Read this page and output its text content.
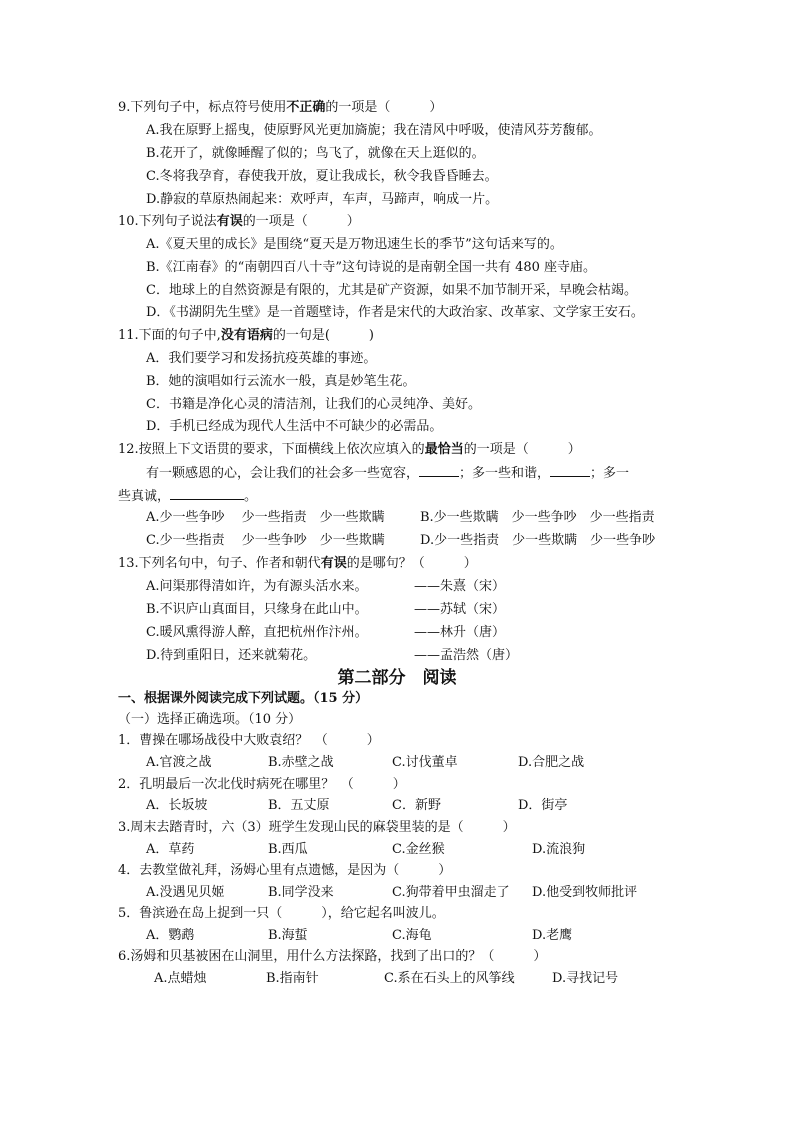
9.下列句子中，标点符号使用不正确的一项是（　　　）
A.我在原野上摇曳，使原野风光更加旖旎；我在清风中呼吸，使清风芬芳馥郁。
B.花开了，就像睡醒了似的；鸟飞了，就像在天上逛似的。
C.冬将我孕育，春使我开放，夏让我成长，秋令我昏昏睡去。
D.静寂的草原热闹起来：欢呼声，车声，马蹄声，响成一片。
10.下列句子说法有误的一项是（　　　）
A.《夏天里的成长》是围绕“夏天是万物迅速生长的季节”这句话来写的。
B.《江南春》的“南朝四百八十寺”这句诗说的是南朝全国一共有 480 座寺庙。
C．地球上的自然资源是有限的，尤其是矿产资源，如果不加节制开采，早晚会枯竭。
D．《书湖阴先生壁》是一首题壁诗，作者是宋代的大政治家、改革家、文学家王安石。
11.下面的句子中,没有语病的一句是(　　　)
A．我们要学习和发扬抗疫英雄的事迹。
B．她的演唱如行云流水一般，真是妙笔生花。
C．书籍是净化心灵的清洁剂，让我们的心灵纯净、美好。
D．手机已经成为现代人生活中不可缺少的必需品。
12.按照上下文语贯的要求，下面横线上依次应填入的最恰当的一项是（　　　）
有一颗感恩的心，会让我们的社会多一些宽容，	；多一些和谐，	；多一
些真诚，	。
A.少一些争吵　 少一些指责　少一些欺瞒	B.少一些欺瞒　少一些争吵　少一些指责
C.少一些指责　 少一些争吵　少一些欺瞒	D.少一些指责　少一些欺瞒　少一些争吵
13.下列名句中，句子、作者和朝代有误的是哪句？（　　　）
A.问渠那得清如许，为有源头活水来。	——朱熹（宋）
B.不识庐山真面目，只缘身在此山中。	——苏轼（宋）
C.暖风熏得游人醉，直把杭州作汴州。	——林升（唐）
D.待到重阳日，还来就菊花。	——孟浩然（唐）
第二部分　阅读
一、根据课外阅读完成下列试题。（15 分）
（一）选择正确选项。（10 分）
1．曹操在哪场战役中大败袁绍？　（　　　）
A.官渡之战	B.赤壁之战	C.讨伐董卓	D.合肥之战
2．孔明最后一次北伐时病死在哪里？　（　　　）
A．长坂坡	B．五丈原	C．新野	D．街亭
3.周末去踏青时，六（3）班学生发现山民的麻袋里装的是（　　　）
A．草药	B.西瓜	C.金丝猴	D.流浪狗
4．去教堂做礼拜，汤姆心里有点遗憾，是因为（　　　）
A.没遇见贝姬	B.同学没来	C.狗带着甲虫溜走了 D.他受到牧师批评
5．鲁滨逊在岛上捉到一只（　　　），给它起名叫波儿。
A．鹦鹉	B.海蜇	C.海龟	D.老鹰
6.汤姆和贝基被困在山洞里，用什么方法探路，找到了出口的？（　　　）
A.点蜡烛	B.指南针	C.系在石头上的风筝线	D.寻找记号
